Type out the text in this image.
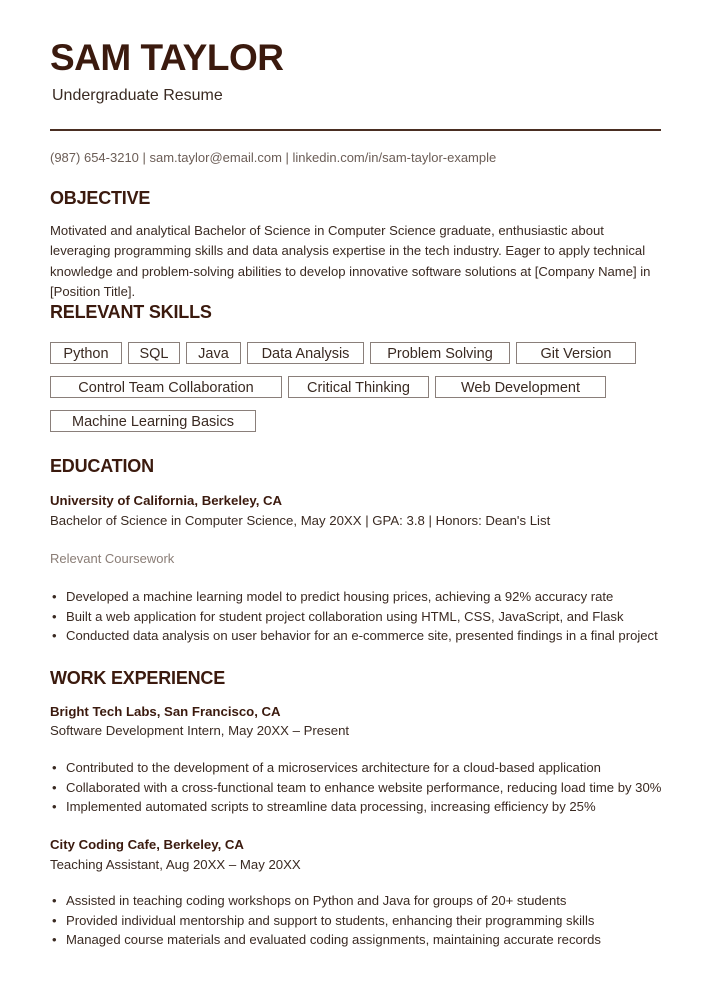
SAM TAYLOR
Undergraduate Resume
(987) 654-3210 | sam.taylor@email.com | linkedin.com/in/sam-taylor-example
OBJECTIVE
Motivated and analytical Bachelor of Science in Computer Science graduate, enthusiastic about leveraging programming skills and data analysis expertise in the tech industry. Eager to apply technical knowledge and problem-solving abilities to develop innovative software solutions at [Company Name] in [Position Title].
RELEVANT SKILLS
Python	SQL	Java	Data Analysis	Problem Solving	Git Version
Control Team Collaboration	Critical Thinking	Web Development
Machine Learning Basics
EDUCATION
University of California, Berkeley, CA
Bachelor of Science in Computer Science, May 20XX | GPA: 3.8 | Honors: Dean's List
Relevant Coursework
• Developed a machine learning model to predict housing prices, achieving a 92% accuracy rate
• Built a web application for student project collaboration using HTML, CSS, JavaScript, and Flask
• Conducted data analysis on user behavior for an e-commerce site, presented findings in a final project
WORK EXPERIENCE
Bright Tech Labs, San Francisco, CA
Software Development Intern, May 20XX – Present
• Contributed to the development of a microservices architecture for a cloud-based application
• Collaborated with a cross-functional team to enhance website performance, reducing load time by 30%
• Implemented automated scripts to streamline data processing, increasing efficiency by 25%
City Coding Cafe, Berkeley, CA
Teaching Assistant, Aug 20XX – May 20XX
• Assisted in teaching coding workshops on Python and Java for groups of 20+ students
• Provided individual mentorship and support to students, enhancing their programming skills
• Managed course materials and evaluated coding assignments, maintaining accurate records
